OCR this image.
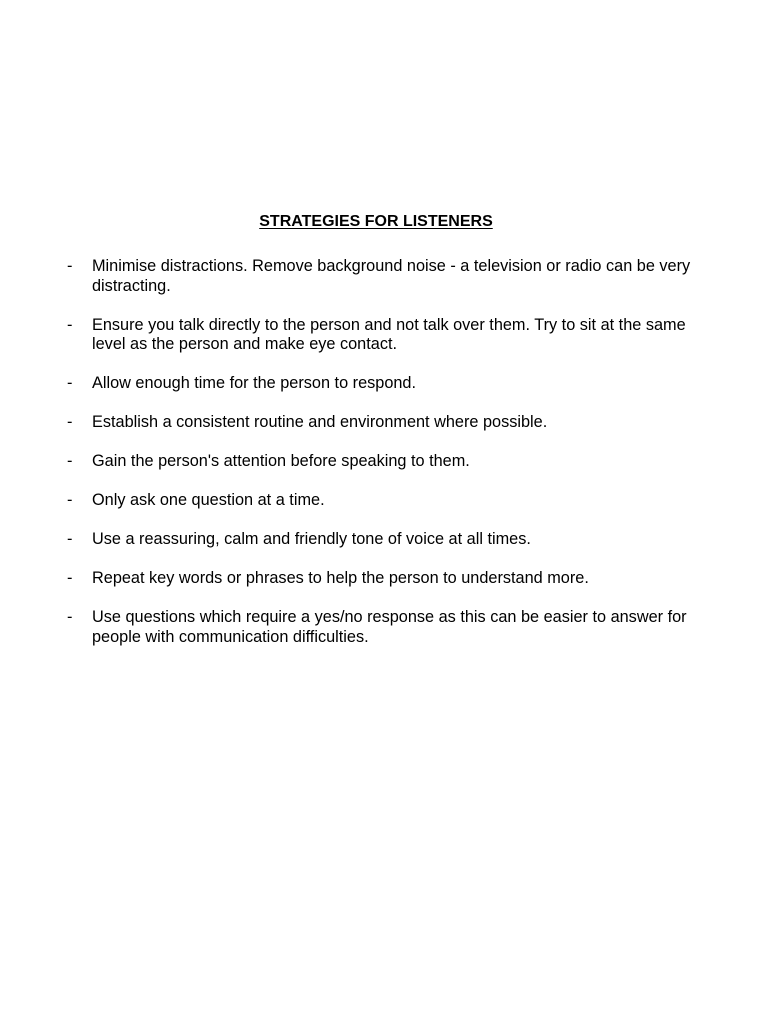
STRATEGIES FOR LISTENERS
-	Minimise distractions. Remove background noise - a television or radio can be very distracting.
-	Ensure you talk directly to the person and not talk over them. Try to sit at the same level as the person and make eye contact.
-	Allow enough time for the person to respond.
-	Establish a consistent routine and environment where possible.
-	Gain the person's attention before speaking to them.
-	Only ask one question at a time.
-	Use a reassuring, calm and friendly tone of voice at all times.
-	Repeat key words or phrases to help the person to understand more.
-	Use questions which require a yes/no response as this can be easier to answer for people with communication difficulties.
